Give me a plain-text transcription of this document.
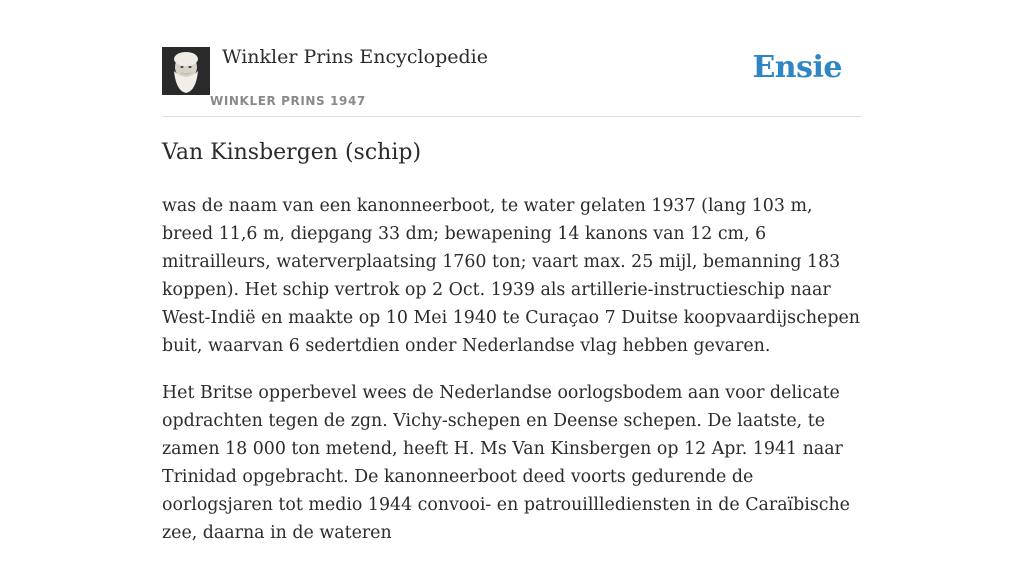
Winkler Prins Encyclopedie
WINKLER PRINS 1947
Ensie
Van Kinsbergen (schip)

was de naam van een kanonneerboot, te water gelaten 1937 (lang 103 m, breed 11,6 m, diepgang 33 dm; bewapening 14 kanons van 12 cm, 6 mitrailleurs, waterverplaatsing 1760 ton; vaart max. 25 mijl, bemanning 183 koppen). Het schip vertrok op 2 Oct. 1939 als artillerie-instructieschip naar West-Indië en maakte op 10 Mei 1940 te Curaçao 7 Duitse koopvaardijschepen buit, waarvan 6 sedertdien onder Nederlandse vlag hebben gevaren.

Het Britse opperbevel wees de Nederlandse oorlogsbodem aan voor delicate opdrachten tegen de zgn. Vichy-schepen en Deense schepen. De laatste, te zamen 18 000 ton metend, heeft H. Ms Van Kinsbergen op 12 Apr. 1941 naar Trinidad opgebracht. De kanonneerboot deed voorts gedurende de oorlogsjaren tot medio 1944 convooi- en patrouilllediensten in de Caraïbische zee, daarna in de wateren
